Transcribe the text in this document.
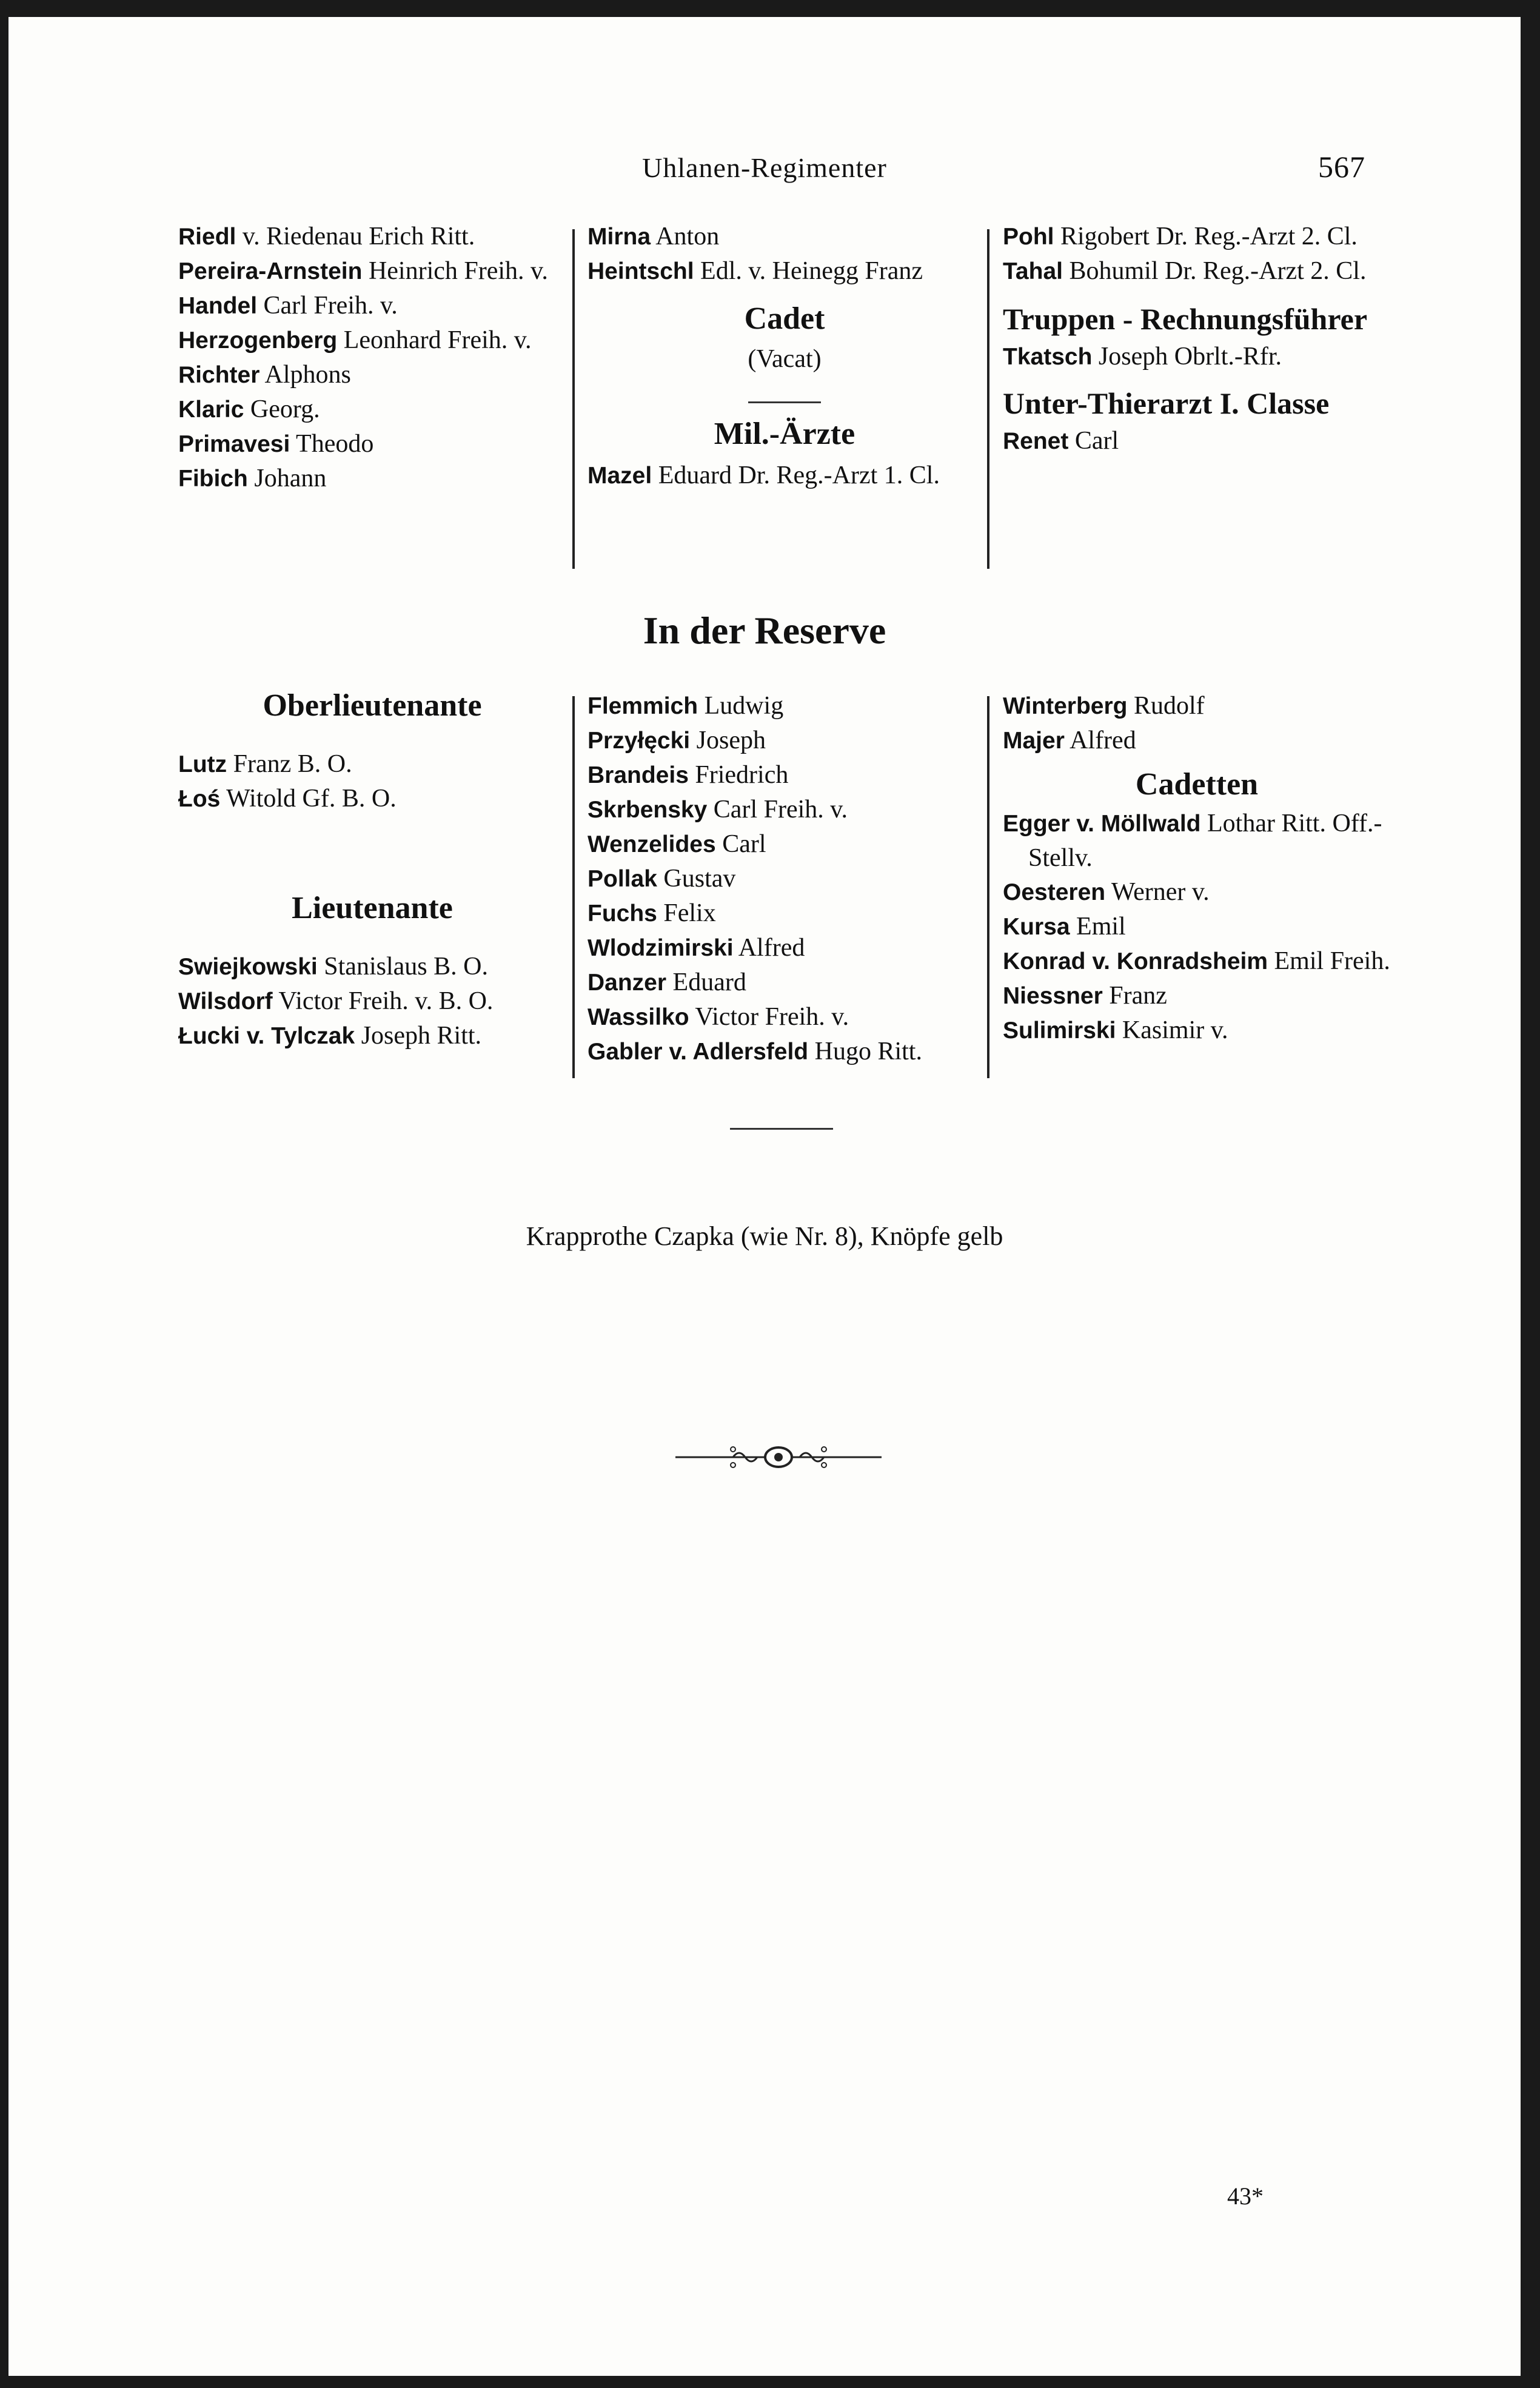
Uhlanen-Regimenter	567
Riedl v. Riedenau Erich Ritt.
Pereira-Arnstein Heinrich Freih. v.
Handel Carl Freih. v.
Herzogenberg Leonhard Freih. v.
Richter Alphons
Klaric Georg.
Primavesi Theodo
Fibich Johann
Mirna Anton
Heintschl Edl. v. Heinegg Franz
Cadet
(Vacat)
Mil.-Ärzte
Mazel Eduard Dr. Reg.-Arzt 1. Cl.
Pohl Rigobert Dr. Reg.-Arzt 2. Cl.
Tahal Bohumil Dr. Reg.-Arzt 2. Cl.
Truppen - Rechnungsführer
Tkatsch Joseph Obrlt.-Rfr.
Unter-Thierarzt I. Classe
Renet Carl
In der Reserve
Oberlieutenante
Lutz Franz B. O.
Łoś Witold Gf. B. O.
Lieutenante
Swiejkowski Stanislaus B. O.
Wilsdorf Victor Freih. v. B. O.
Łucki v. Tylczak Joseph Ritt.
Flemmich Ludwig
Przyłęcki Joseph
Brandeis Friedrich
Skrbensky Carl Freih. v.
Wenzelides Carl
Pollak Gustav
Fuchs Felix
Wlodzimirski Alfred
Danzer Eduard
Wassilko Victor Freih. v.
Gabler v. Adlersfeld Hugo Ritt.
Winterberg Rudolf
Majer Alfred
Cadetten
Egger v. Möllwald Lothar Ritt. Off.-Stellv.
Oesteren Werner v.
Kursa Emil
Konrad v. Konradsheim Emil Freih.
Niessner Franz
Sulimirski Kasimir v.
Krapprothe Czapka (wie Nr. 8), Knöpfe gelb
43*
